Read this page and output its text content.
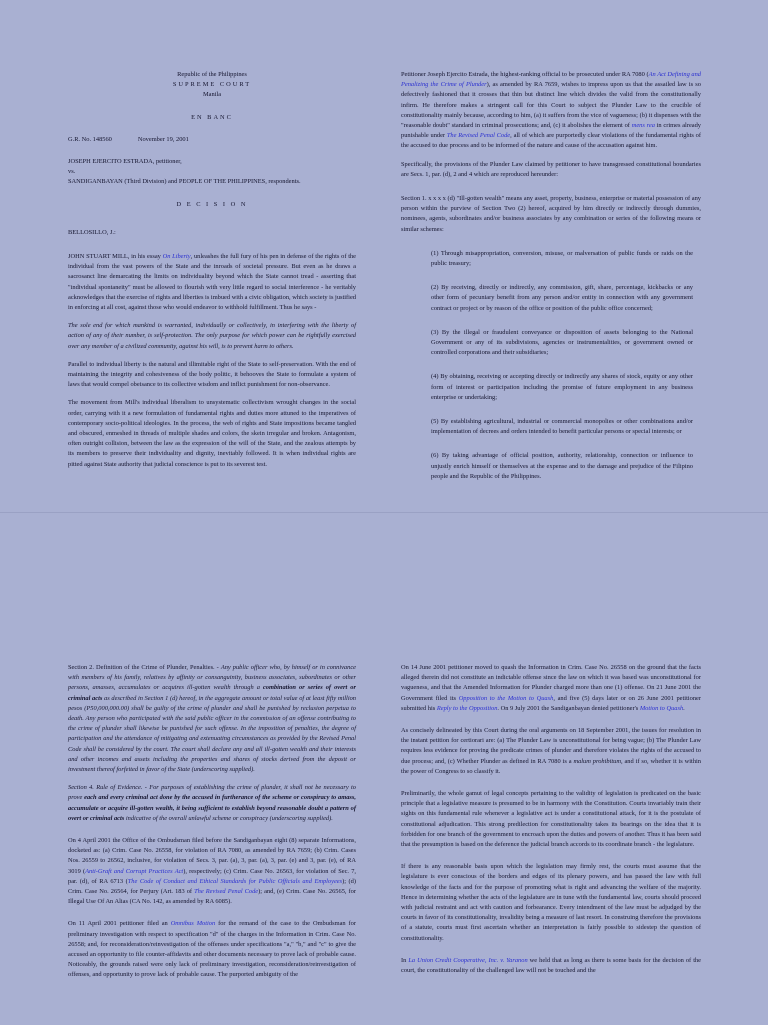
Republic of the Philippines

SUPREME COURT

Manila

EN BANC

G.R. No. 148560	November 19, 2001

JOSEPH EJERCITO ESTRADA, petitioner,

vs.

SANDIGANBAYAN (Third Division) and PEOPLE OF THE PHILIPPINES, respondents.

D E C I S I O N

BELLOSILLO, J.:

JOHN STUART MILL, in his essay On Liberty, unleashes the full fury of his pen in defense of the rights of the individual from the vast powers of the State and the inroads of societal pressure. But even as he draws a sacrosanct line demarcating the limits on individuality beyond which the State cannot tread - asserting that "individual spontaneity" must be allowed to flourish with very little regard to social interference - he veritably acknowledges that the exercise of rights and liberties is imbued with a civic obligation, which society is justified in enforcing at all cost, against those who would endeavor to withhold fulfillment. Thus he says -

The sole end for which mankind is warranted, individually or collectively, in interfering with the liberty of action of any of their number, is self-protection. The only purpose for which power can be rightfully exercised over any member of a civilized community, against his will, is to prevent harm to others.

Parallel to individual liberty is the natural and illimitable right of the State to self-preservation. With the end of maintaining the integrity and cohesiveness of the body politic, it behooves the State to formulate a system of laws that would compel obeisance to its collective wisdom and inflict punishment for non-observance.

The movement from Mill's individual liberalism to unsystematic collectivism wrought changes in the social order, carrying with it a new formulation of fundamental rights and duties more attuned to the imperatives of contemporary socio-political ideologies. In the process, the web of rights and State impositions became tangled and obscured, enmeshed in threads of multiple shades and colors, the skein irregular and broken. Antagonism, often outright collision, between the law as the expression of the will of the State, and the zealous attempts by its members to preserve their individuality and dignity, inevitably followed. It is when individual rights are pitted against State authority that judicial conscience is put to its severest test.

Petitioner Joseph Ejercito Estrada, the highest-ranking official to be prosecuted under RA 7080 (An Act Defining and Penalizing the Crime of Plunder), as amended by RA 7659, wishes to impress upon us that the assailed law is so defectively fashioned that it crosses that thin but distinct line which divides the valid from the constitutionally infirm. He therefore makes a stringent call for this Court to subject the Plunder Law to the crucible of constitutionality mainly because, according to him, (a) it suffers from the vice of vagueness; (b) it dispenses with the "reasonable doubt" standard in criminal prosecutions; and, (c) it abolishes the element of mens rea in crimes already punishable under The Revised Penal Code, all of which are purportedly clear violations of the fundamental rights of the accused to due process and to be informed of the nature and cause of the accusation against him.

Specifically, the provisions of the Plunder Law claimed by petitioner to have transgressed constitutional boundaries are Secs. 1, par. (d), 2 and 4 which are reproduced hereunder:

Section 1. x x x x (d) "Ill-gotten wealth" means any asset, property, business, enterprise or material possession of any person within the purview of Section Two (2) hereof, acquired by him directly or indirectly through dummies, nominees, agents, subordinates and/or business associates by any combination or series of the following means or similar schemes:

(1) Through misappropriation, conversion, misuse, or malversation of public funds or raids on the public treasury;

(2) By receiving, directly or indirectly, any commission, gift, share, percentage, kickbacks or any other form of pecuniary benefit from any person and/or entity in connection with any government contract or project or by reason of the office or position of the public office concerned;

(3) By the illegal or fraudulent conveyance or disposition of assets belonging to the National Government or any of its subdivisions, agencies or instrumentalities, or government owned or controlled corporations and their subsidiaries;

(4) By obtaining, receiving or accepting directly or indirectly any shares of stock, equity or any other form of interest or participation including the promise of future employment in any business enterprise or undertaking;

(5) By establishing agricultural, industrial or commercial monopolies or other combinations and/or implementation of decrees and orders intended to benefit particular persons or special interests; or

(6) By taking advantage of official position, authority, relationship, connection or influence to unjustly enrich himself or themselves at the expense and to the damage and prejudice of the Filipino people and the Republic of the Philippines.

Section 2. Definition of the Crime of Plunder, Penalties. - Any public officer who, by himself or in connivance with members of his family, relatives by affinity or consanguinity, business associates, subordinates or other persons, amasses, accumulates or acquires ill-gotten wealth through a combination or series of overt or criminal acts as described in Section 1 (d) hereof, in the aggregate amount or total value of at least fifty million pesos (P50,000,000.00) shall be guilty of the crime of plunder and shall be punished by reclusion perpetua to death. Any person who participated with the said public officer in the commission of an offense contributing to the crime of plunder shall likewise be punished for such offense. In the imposition of penalties, the degree of participation and the attendance of mitigating and extenuating circumstances as provided by the Revised Penal Code shall be considered by the court. The court shall declare any and all ill-gotten wealth and their interests and other incomes and assets including the properties and shares of stocks derived from the deposit or investment thereof forfeited in favor of the State (underscoring supplied).

Section 4. Rule of Evidence. - For purposes of establishing the crime of plunder, it shall not be necessary to prove each and every criminal act done by the accused in furtherance of the scheme or conspiracy to amass, accumulate or acquire ill-gotten wealth, it being sufficient to establish beyond reasonable doubt a pattern of overt or criminal acts indicative of the overall unlawful scheme or conspiracy (underscoring supplied).

On 4 April 2001 the Office of the Ombudsman filed before the Sandiganbayan eight (8) separate Informations, docketed as: (a) Crim. Case No. 26558, for violation of RA 7080, as amended by RA 7659; (b) Crim. Cases Nos. 26559 to 26562, inclusive, for violation of Secs. 3, par. (a), 3, par. (a), 3, par. (e) and 3, par. (e), of RA 3019 (Anti-Graft and Corrupt Practices Act), respectively; (c) Crim. Case No. 26563, for violation of Sec. 7, par. (d), of RA 6713 (The Code of Conduct and Ethical Standards for Public Officials and Employees); (d) Crim. Case No. 26564, for Perjury (Art. 183 of The Revised Penal Code); and, (e) Crim. Case No. 26565, for Illegal Use Of An Alias (CA No. 142, as amended by RA 6085).

On 11 April 2001 petitioner filed an Omnibus Motion for the remand of the case to the Ombudsman for preliminary investigation with respect to specification "d" of the charges in the Information in Crim. Case No. 26558; and, for reconsideration/reinvestigation of the offenses under specifications "a," "b," and "c" to give the accused an opportunity to file counter-affidavits and other documents necessary to prove lack of probable cause. Noticeably, the grounds raised were only lack of preliminary investigation, reconsideration/reinvestigation of offenses, and opportunity to prove lack of probable cause. The purported ambiguity of the

On 14 June 2001 petitioner moved to quash the Information in Crim. Case No. 26558 on the ground that the facts alleged therein did not constitute an indictable offense since the law on which it was based was unconstitutional for vagueness, and that the Amended Information for Plunder charged more than one (1) offense. On 21 June 2001 the Government filed its Opposition to the Motion to Quash, and five (5) days later or on 26 June 2001 petitioner submitted his Reply to the Opposition. On 9 July 2001 the Sandiganbayan denied petitioner's Motion to Quash.

As concisely delineated by this Court during the oral arguments on 18 September 2001, the issues for resolution in the instant petition for certiorari are: (a) The Plunder Law is unconstitutional for being vague; (b) The Plunder Law requires less evidence for proving the predicate crimes of plunder and therefore violates the rights of the accused to due process; and, (c) Whether Plunder as defined in RA 7080 is a malum prohibitum, and if so, whether it is within the power of Congress to so classify it.

Preliminarily, the whole gamut of legal concepts pertaining to the validity of legislation is predicated on the basic principle that a legislative measure is presumed to be in harmony with the Constitution. Courts invariably train their sights on this fundamental rule whenever a legislative act is under a constitutional attack, for it is the postulate of constitutional adjudication. This strong predilection for constitutionality takes its bearings on the idea that it is forbidden for one branch of the government to encroach upon the duties and powers of another. Thus it has been said that the presumption is based on the deference the judicial branch accords to its coordinate branch - the legislature.

If there is any reasonable basis upon which the legislation may firmly rest, the courts must assume that the legislature is ever conscious of the borders and edges of its plenary powers, and has passed the law with full knowledge of the facts and for the purpose of promoting what is right and advancing the welfare of the majority. Hence in determining whether the acts of the legislature are in tune with the fundamental law, courts should proceed with judicial restraint and act with caution and forbearance. Every intendment of the law must be adjudged by the courts in favor of its constitutionality, invalidity being a measure of last resort. In construing therefore the provisions of a statute, courts must first ascertain whether an interpretation is fairly possible to sidestep the question of constitutionality.

In La Union Credit Cooperative, Inc. v. Yaranon we held that as long as there is some basis for the decision of the court, the constitutionality of the challenged law will not be touched and the
